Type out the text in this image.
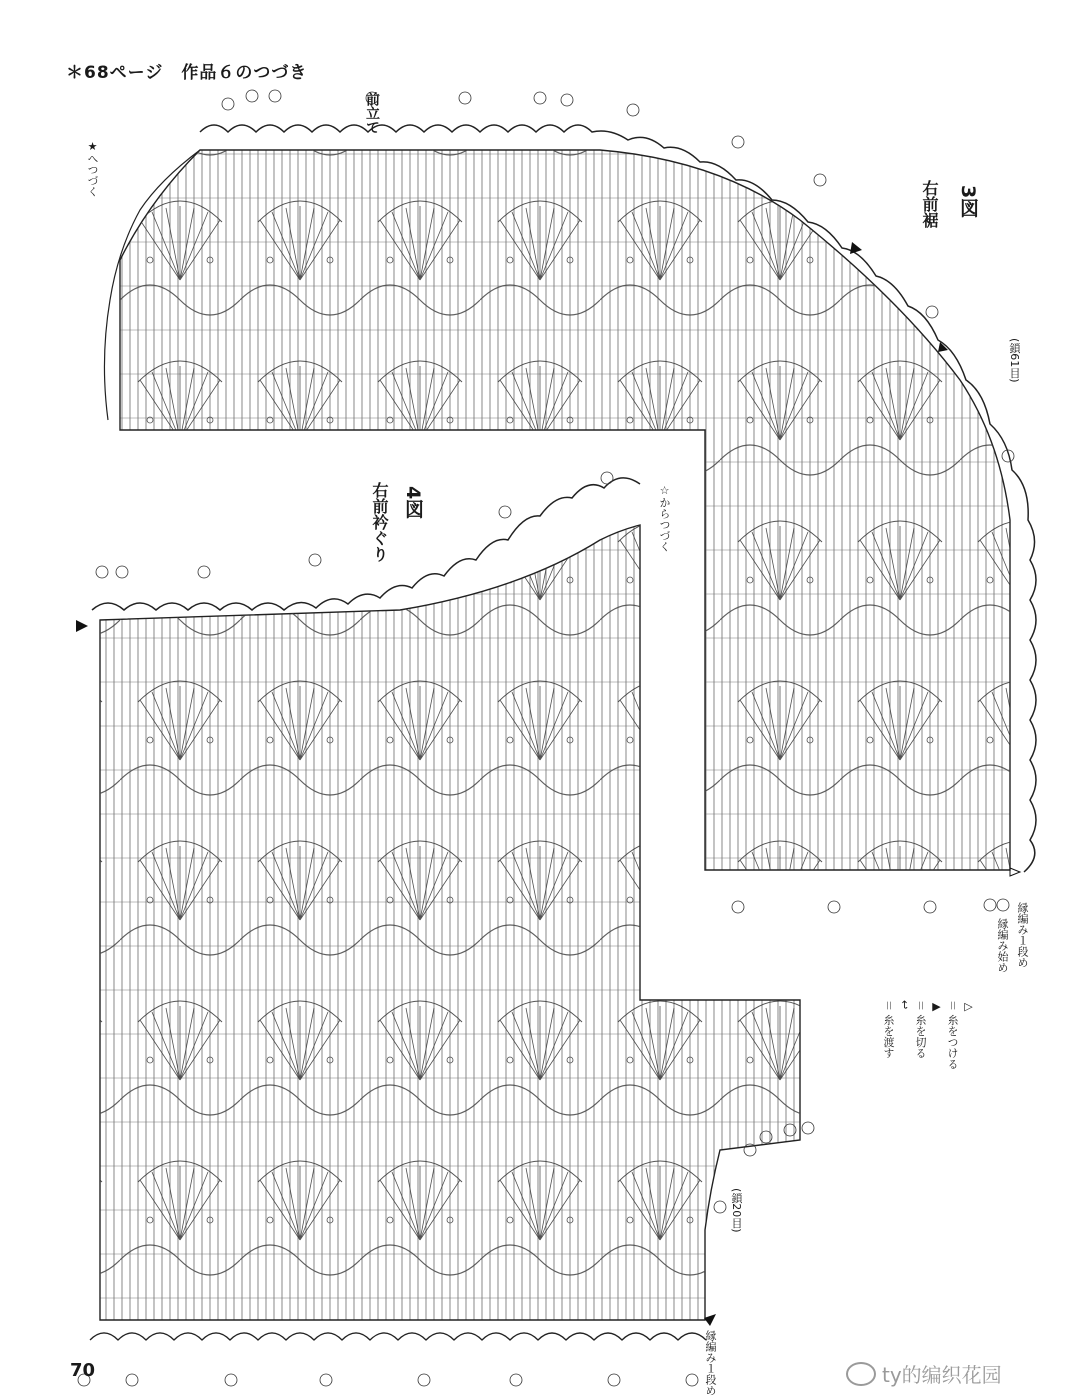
＊68ページ　作品６のつづき
前立て
右前裾 3図
右前衿ぐり 4図
★へつづく
☆からつづく
(鎖61目)
(鎖20目)
縁編み始め 縁編み１段め
縁編み１段め
▷
＝ 糸をつける
▶
＝ 糸を切る
↩
＝ 糸を渡す
70	ty的编织花园
